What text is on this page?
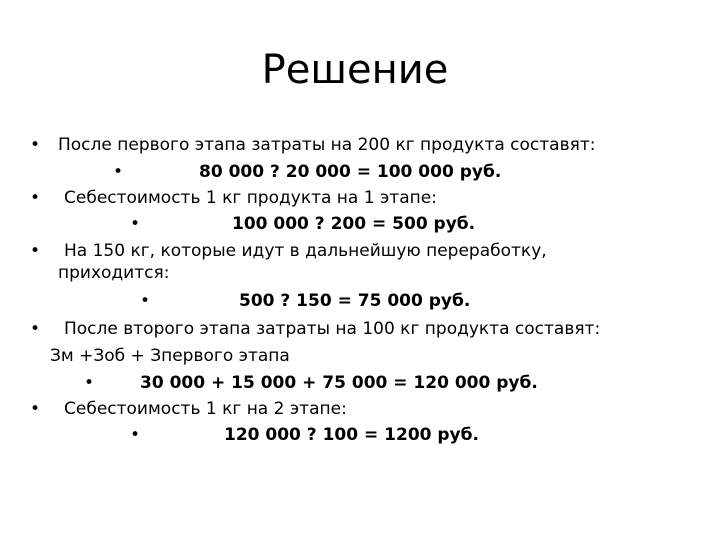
Решение
• После первого этапа затраты на 200 кг продукта составят:
•	80 000 ? 20 000 = 100 000 руб.
• Себестоимость 1 кг продукта на 1 этапе:
•	100 000 ? 200 = 500 руб.
• На 150 кг, которые идут в дальнейшую переработку,
приходится:
•	500 ? 150 = 75 000 руб.
• После второго этапа затраты на 100 кг продукта составят:
Зм +Зоб + Зпервого этапа
•	30 000 + 15 000 + 75 000 = 120 000 руб.
• Себестоимость 1 кг на 2 этапе:
•	120 000 ? 100 = 1200 руб.
